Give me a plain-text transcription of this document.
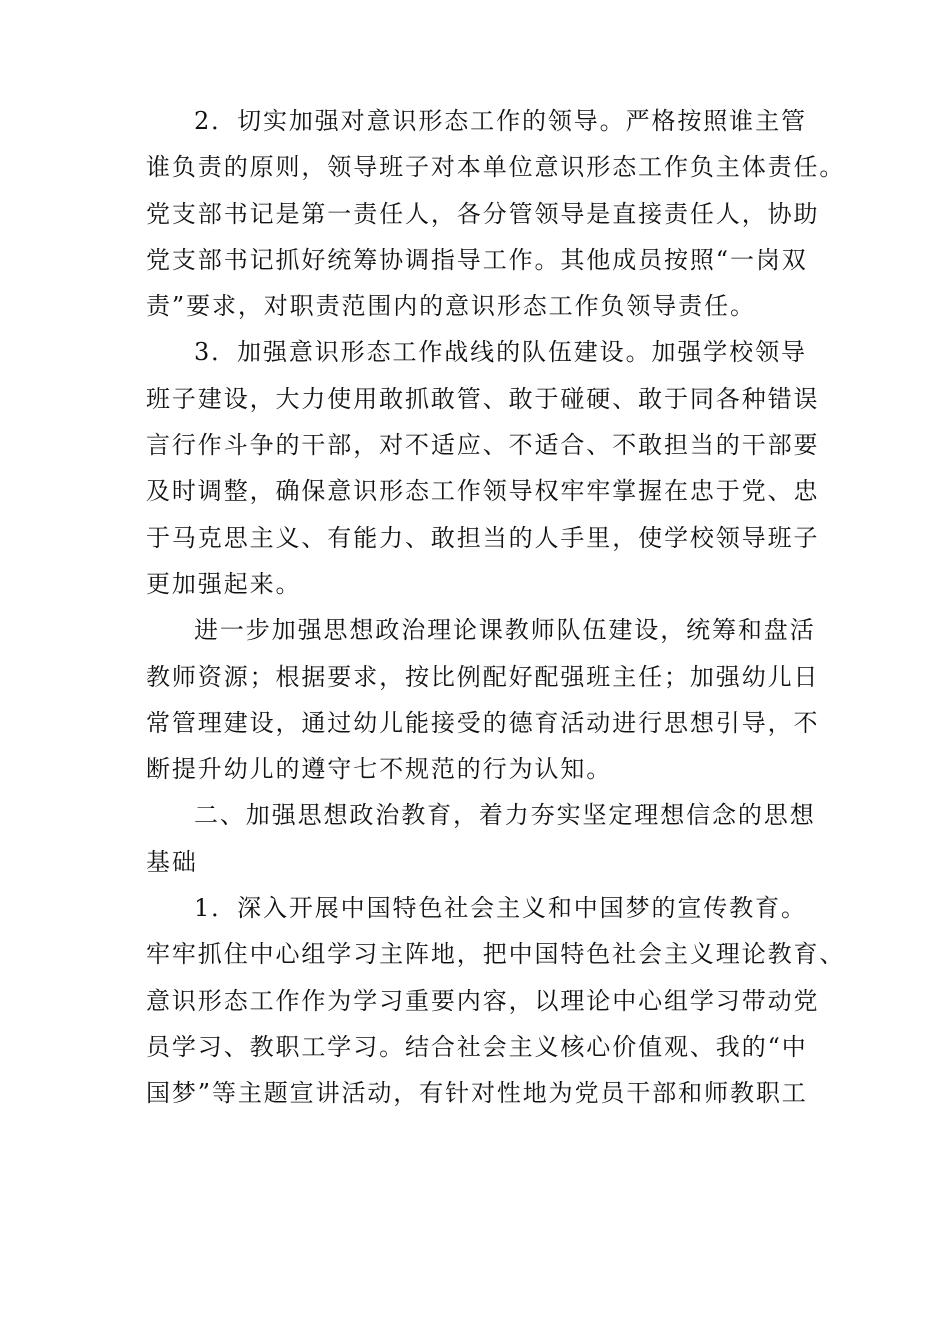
2．切实加强对意识形态工作的领导。严格按照谁主管
谁负责的原则，领导班子对本单位意识形态工作负主体责任。
党支部书记是第一责任人，各分管领导是直接责任人，协助
党支部书记抓好统筹协调指导工作。其他成员按照“一岗双
责”要求，对职责范围内的意识形态工作负领导责任。
3．加强意识形态工作战线的队伍建设。加强学校领导
班子建设，大力使用敢抓敢管、敢于碰硬、敢于同各种错误
言行作斗争的干部，对不适应、不适合、不敢担当的干部要
及时调整，确保意识形态工作领导权牢牢掌握在忠于党、忠
于马克思主义、有能力、敢担当的人手里，使学校领导班子
更加强起来。
进一步加强思想政治理论课教师队伍建设，统筹和盘活
教师资源；根据要求，按比例配好配强班主任；加强幼儿日
常管理建设，通过幼儿能接受的德育活动进行思想引导，不
断提升幼儿的遵守七不规范的行为认知。
二、加强思想政治教育，着力夯实坚定理想信念的思想
基础
1．深入开展中国特色社会主义和中国梦的宣传教育。
牢牢抓住中心组学习主阵地，把中国特色社会主义理论教育、
意识形态工作作为学习重要内容，以理论中心组学习带动党
员学习、教职工学习。结合社会主义核心价值观、我的“中
国梦”等主题宣讲活动，有针对性地为党员干部和师教职工
